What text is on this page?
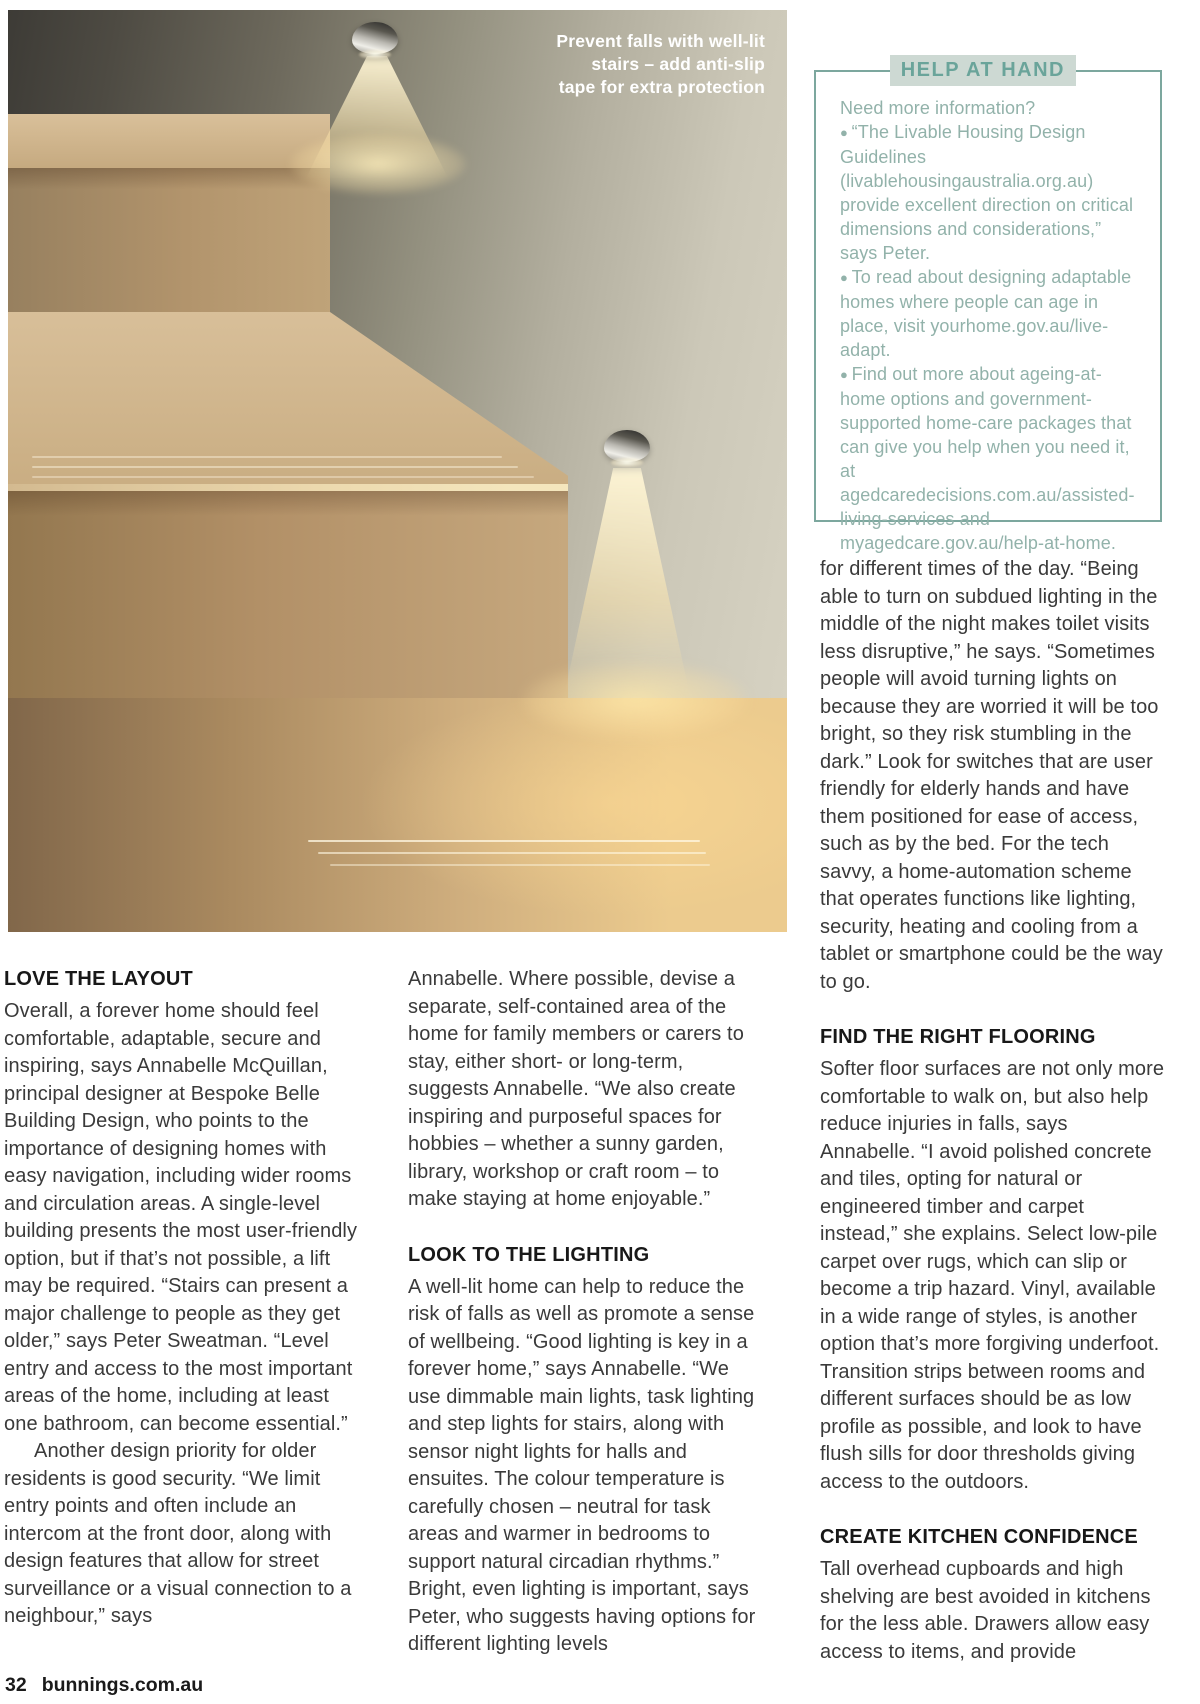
Prevent falls with well-lit stairs – add anti-slip tape for extra protection
HELP AT HAND

Need more information?

● “The Livable Housing Design Guidelines (livablehousingaustralia.org.au) provide excellent direction on critical dimensions and considerations,” says Peter.

● To read about designing adaptable homes where people can age in place, visit yourhome.gov.au/live-adapt.

● Find out more about ageing-at-home options and government-supported home-care packages that can give you help when you need it, at agedcaredecisions.com.au/assisted-living-services and myagedcare.gov.au/help-at-home.

LOVE THE LAYOUT

Overall, a forever home should feel comfortable, adaptable, secure and inspiring, says Annabelle McQuillan, principal designer at Bespoke Belle Building Design, who points to the importance of designing homes with easy navigation, including wider rooms and circulation areas. A single-level building presents the most user-friendly option, but if that’s not possible, a lift may be required. “Stairs can present a major challenge to people as they get older,” says Peter Sweatman. “Level entry and access to the most important areas of the home, including at least one bathroom, can become essential.”

Another design priority for older residents is good security. “We limit entry points and often include an intercom at the front door, along with design features that allow for street surveillance or a visual connection to a neighbour,” says

Annabelle. Where possible, devise a separate, self-contained area of the home for family members or carers to stay, either short- or long-term, suggests Annabelle. “We also create inspiring and purposeful spaces for hobbies – whether a sunny garden, library, workshop or craft room – to make staying at home enjoyable.”

LOOK TO THE LIGHTING

A well-lit home can help to reduce the risk of falls as well as promote a sense of wellbeing. “Good lighting is key in a forever home,” says Annabelle. “We use dimmable main lights, task lighting and step lights for stairs, along with sensor night lights for halls and ensuites. The colour temperature is carefully chosen – neutral for task areas and warmer in bedrooms to support natural circadian rhythms.” Bright, even lighting is important, says Peter, who suggests having options for different lighting levels

for different times of the day. “Being able to turn on subdued lighting in the middle of the night makes toilet visits less disruptive,” he says. “Sometimes people will avoid turning lights on because they are worried it will be too bright, so they risk stumbling in the dark.” Look for switches that are user friendly for elderly hands and have them positioned for ease of access, such as by the bed. For the tech savvy, a home-automation scheme that operates functions like lighting, security, heating and cooling from a tablet or smartphone could be the way to go.

FIND THE RIGHT FLOORING

Softer floor surfaces are not only more comfortable to walk on, but also help reduce injuries in falls, says Annabelle. “I avoid polished concrete and tiles, opting for natural or engineered timber and carpet instead,” she explains. Select low-pile carpet over rugs, which can slip or become a trip hazard. Vinyl, available in a wide range of styles, is another option that’s more forgiving underfoot. Transition strips between rooms and different surfaces should be as low profile as possible, and look to have flush sills for door thresholds giving access to the outdoors.

CREATE KITCHEN CONFIDENCE

Tall overhead cupboards and high shelving are best avoided in kitchens for the less able. Drawers allow easy access to items, and provide

32 bunnings.com.au
